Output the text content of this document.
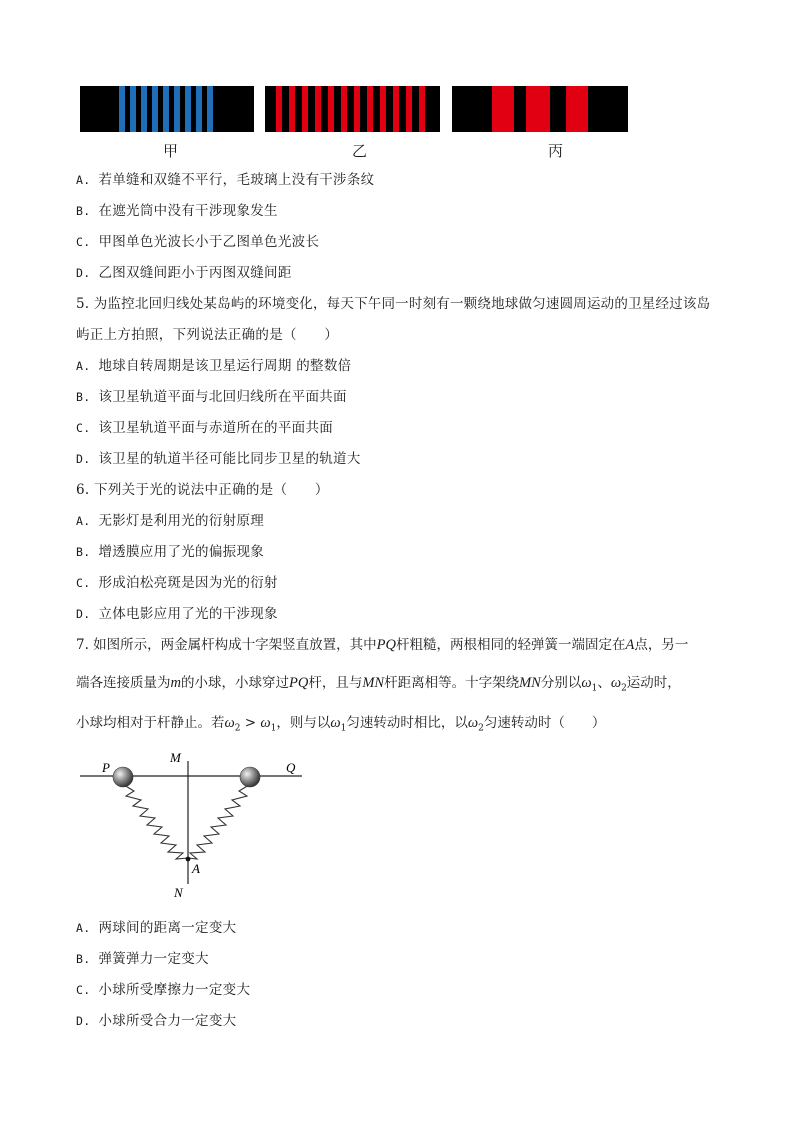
甲	乙	丙
A. 若单缝和双缝不平行，毛玻璃上没有干涉条纹
B. 在遮光筒中没有干涉现象发生
C. 甲图单色光波长小于乙图单色光波长
D. 乙图双缝间距小于丙图双缝间距
5. 为监控北回归线处某岛屿的环境变化，每天下午同一时刻有一颗绕地球做匀速圆周运动的卫星经过该岛
屿正上方拍照，下列说法正确的是（　　）
A. 地球自转周期是该卫星运行周期 的整数倍
B. 该卫星轨道平面与北回归线所在平面共面
C. 该卫星轨道平面与赤道所在的平面共面
D. 该卫星的轨道半径可能比同步卫星的轨道大
6. 下列关于光的说法中正确的是（　　）
A. 无影灯是利用光的衍射原理
B. 增透膜应用了光的偏振现象
C. 形成泊松亮斑是因为光的衍射
D. 立体电影应用了光的干涉现象
7. 如图所示，两金属杆构成十字架竖直放置，其中PQ杆粗糙，两根相同的轻弹簧一端固定在A点，另一
端各连接质量为m的小球，小球穿过PQ杆，且与MN杆距离相等。十字架绕MN分别以$\omega_1$、$\omega_2$运动时，
小球均相对于杆静止。若$\omega_2 > \omega_1$，则与以$\omega_1$匀速转动时相比，以$\omega_2$匀速转动时（　　）
P	Q
M
N
A
A. 两球间的距离一定变大
B. 弹簧弹力一定变大
C. 小球所受摩擦力一定变大
D. 小球所受合力一定变大
